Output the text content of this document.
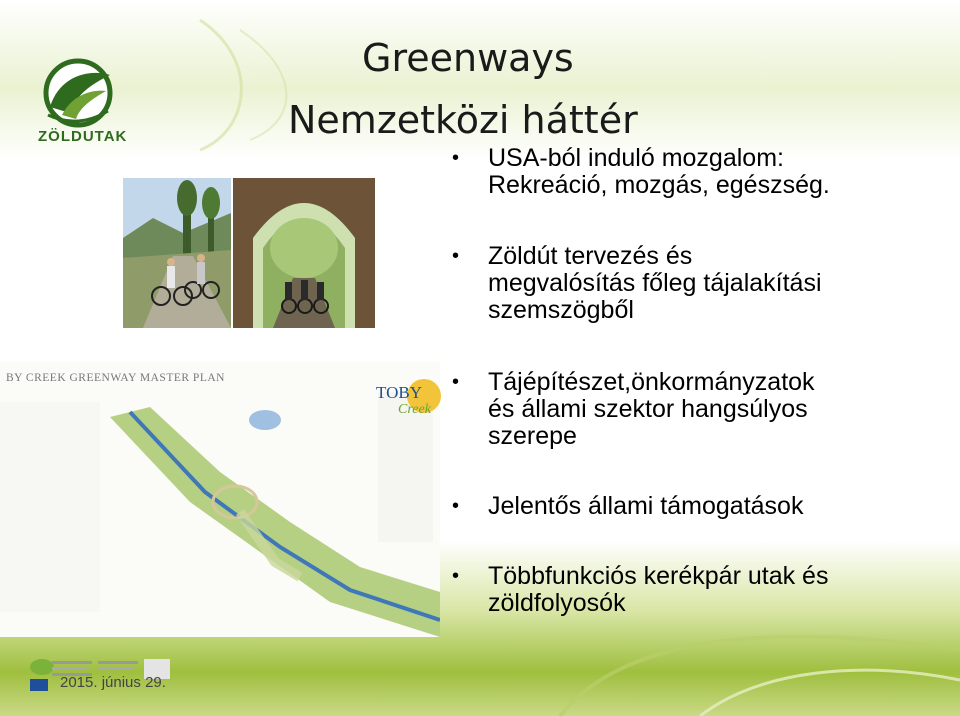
ZÖLDUTAK
Greenways
Nemzetközi háttér
BY CREEK GREENWAY MASTER PLAN
TOBY
Creek
• USA-ból induló mozgalom:
Rekreáció, mozgás, egészség.
• Zöldút tervezés és
megvalósítás főleg tájalakítási
szemszögből
• Tájépítészet,önkormányzatok
és állami szektor hangsúlyos
szerepe
• Jelentős állami támogatások
• Többfunkciós kerékpár utak és
zöldfolyosók
2015. június 29.
